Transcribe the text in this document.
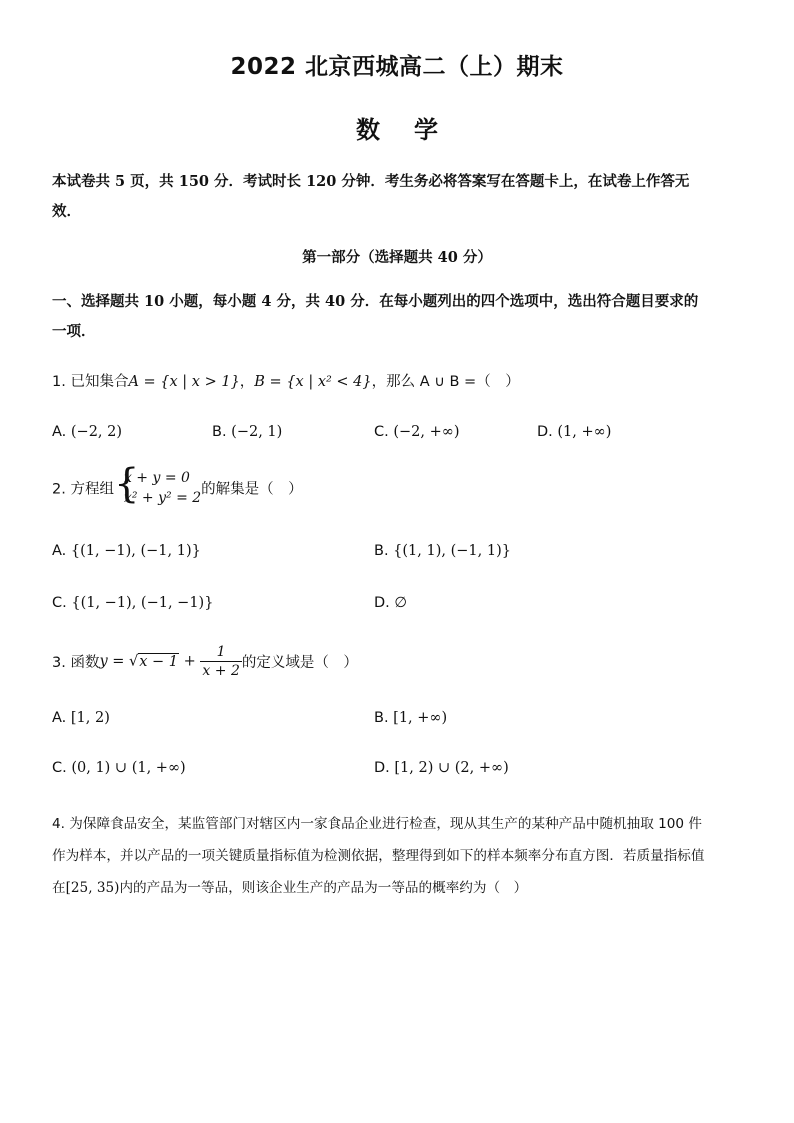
2022 北京西城高二（上）期末
数学
本试卷共 5 页，共 150 分．考试时长 120 分钟．考生务必将答案写在答题卡上，在试卷上作答无
效．
第一部分（选择题共 40 分）
一、选择题共 10 小题，每小题 4 分，共 40 分．在每小题列出的四个选项中，选出符合题目要求的
一项．
1. 已知集合A = {x | x > 1}，B = {x | x² < 4}，那么 A ∪ B =（　）
A. (−2, 2)	B. (−2, 1)	C. (−2, +∞)	D. (1, +∞)
2. 方程组 {
x + y = 0
x² + y² = 2
的解集是（　）
A. {(1, −1), (−1, 1)}	B. {(1, 1), (−1, 1)}
C. {(1, −1), (−1, −1)}	D. ∅
3. 函数$y = √x - 1 + \frac{1}{x + 2}$ 的定义域是（　）
A. [1, 2)	B. [1, +∞)
C. (0, 1) ∪ (1, +∞)	D. [1, 2) ∪ (2, +∞)
4. 为保障食品安全，某监管部门对辖区内一家食品企业进行检查，现从其生产的某种产品中随机抽取 100 件
作为样本，并以产品的一项关键质量指标值为检测依据，整理得到如下的样本频率分布直方图．若质量指标值
在[25, 35)内的产品为一等品，则该企业生产的产品为一等品的概率约为（　）
